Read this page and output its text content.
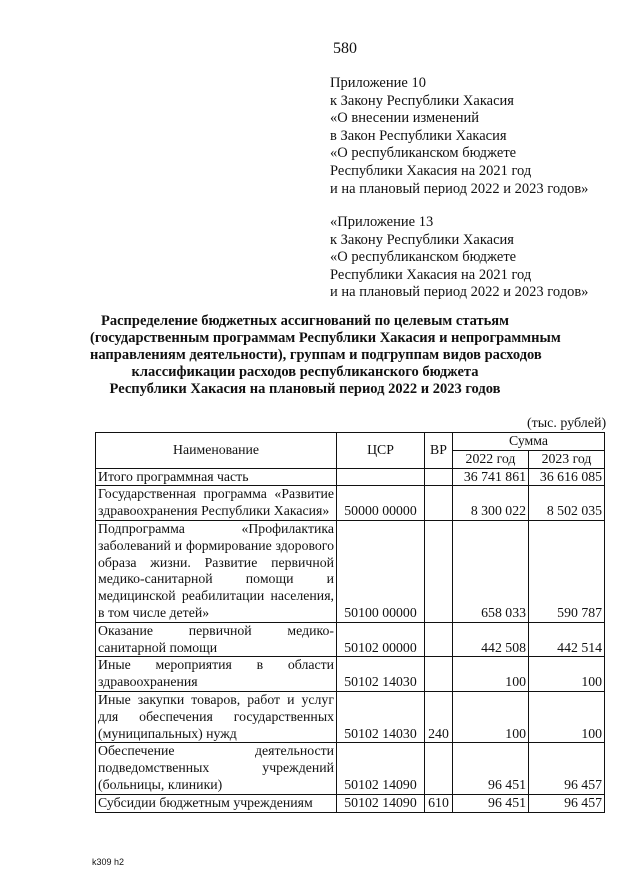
580
Приложение 10
к Закону Республики Хакасия
«О внесении изменений
в Закон Республики Хакасия
«О республиканском бюджете
Республики Хакасия на 2021 год
и на плановый период 2022 и 2023 годов»
«Приложение 13
к Закону Республики Хакасия
«О республиканском бюджете
Республики Хакасия на 2021 год
и на плановый период 2022 и 2023 годов»
Распределение бюджетных ассигнований по целевым статьям
(государственным программам Республики Хакасия и непрограммным
направлениям деятельности), группам и подгруппам видов расходов
классификации расходов республиканского бюджета
Республики Хакасия на плановый период 2022 и 2023 годов
(тыс. рублей)
Наименование	ЦСР	ВР	Сумма	
			2022 год	2023 год
Итого программная часть			36 741 861	36 616 085
Государственная программа «Развитие здравоохранения Республики Хакасия»	50000 00000		8 300 022	8 502 035
Подпрограмма «Профилактика заболеваний и формирование здорового образа жизни. Развитие первичной медико-санитарной помощи и медицинской реабилитации населения, в том числе детей»	50100 00000		658 033	590 787
Оказание первичной медико-санитарной помощи	50102 00000		442 508	442 514
Иные мероприятия в области здравоохранения	50102 14030		100	100
Иные закупки товаров, работ и услуг для обеспечения государственных (муниципальных) нужд	50102 14030	240	100	100
Обеспечение деятельности подведомственных учреждений (больницы, клиники)	50102 14090		96 451	96 457
Субсидии бюджетным учреждениям	50102 14090	610	96 451	96 457
k309 h2
